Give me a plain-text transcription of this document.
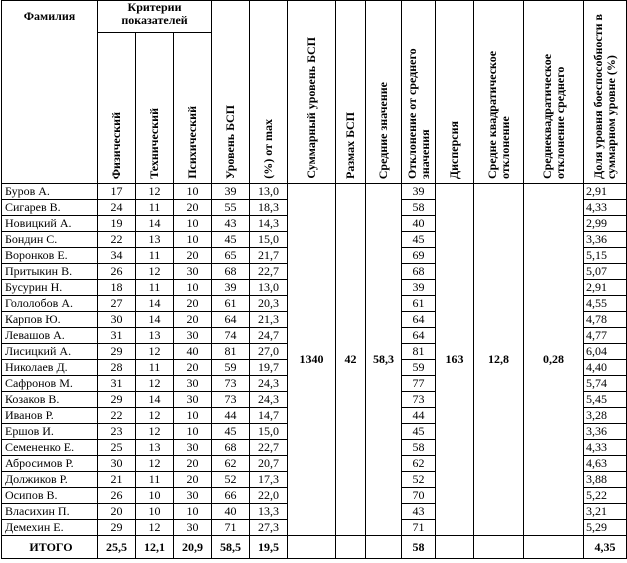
Фамилия	Критерии показателей			Уровень БСП	(%) от max	Суммарный уровень БСП	Размах БСП	Средние значение	Отклонение от среднего значения	Дисперсия	Средне квадратическое отклонение	Среднеквадратическое отклонение среднего	Доля уровня боеспособности в суммарном уровне (%)
	Физический	Технический	Психический										
Буров А.	17	12	10	39	13,0	1340	42	58,3	39	163	12,8	0,28	2,91
Сигарев В.	24	11	20	55	18,3				58				4,33
Новицкий А.	19	14	10	43	14,3				40				2,99
Бондин С.	22	13	10	45	15,0				45				3,36
Воронков Е.	34	11	20	65	21,7				69				5,15
Притыкин В.	26	12	30	68	22,7				68				5,07
Бусурин Н.	18	11	10	39	13,0				39				2,91
Гололобов А.	27	14	20	61	20,3				61				4,55
Карпов Ю.	30	14	20	64	21,3				64				4,78
Левашов А.	31	13	30	74	24,7				64				4,77
Лисицкий А.	29	12	40	81	27,0				81				6,04
Николаев Д.	28	11	20	59	19,7				59				4,40
Сафронов М.	31	12	30	73	24,3				77				5,74
Козаков В.	29	14	30	73	24,3				73				5,45
Иванов Р.	22	12	10	44	14,7				44				3,28
Ершов И.	23	12	10	45	15,0				45				3,36
Семененко Е.	25	13	30	68	22,7				58				4,33
Абросимов Р.	30	12	20	62	20,7				62				4,63
Должиков Р.	21	11	20	52	17,3				52				3,88
Осипов В.	26	10	30	66	22,0				70				5,22
Власихин П.	20	10	10	40	13,3				43				3,21
Демехин Е.	29	12	30	71	27,3				71				5,29
ИТОГО	25,5	12,1	20,9	58,5	19,5				58				4,35
